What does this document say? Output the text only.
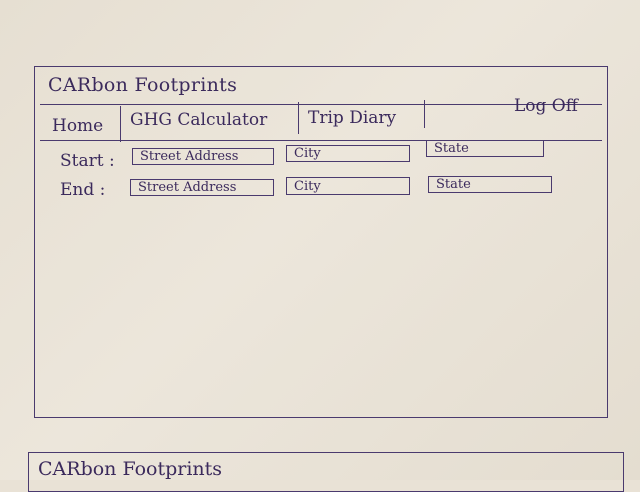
CARbon Footprints
Home GHG Calculator Trip Diary
Log Off
Start :
Street Address
City
State
End :
Street Address
City
State
CARbon Footprints
